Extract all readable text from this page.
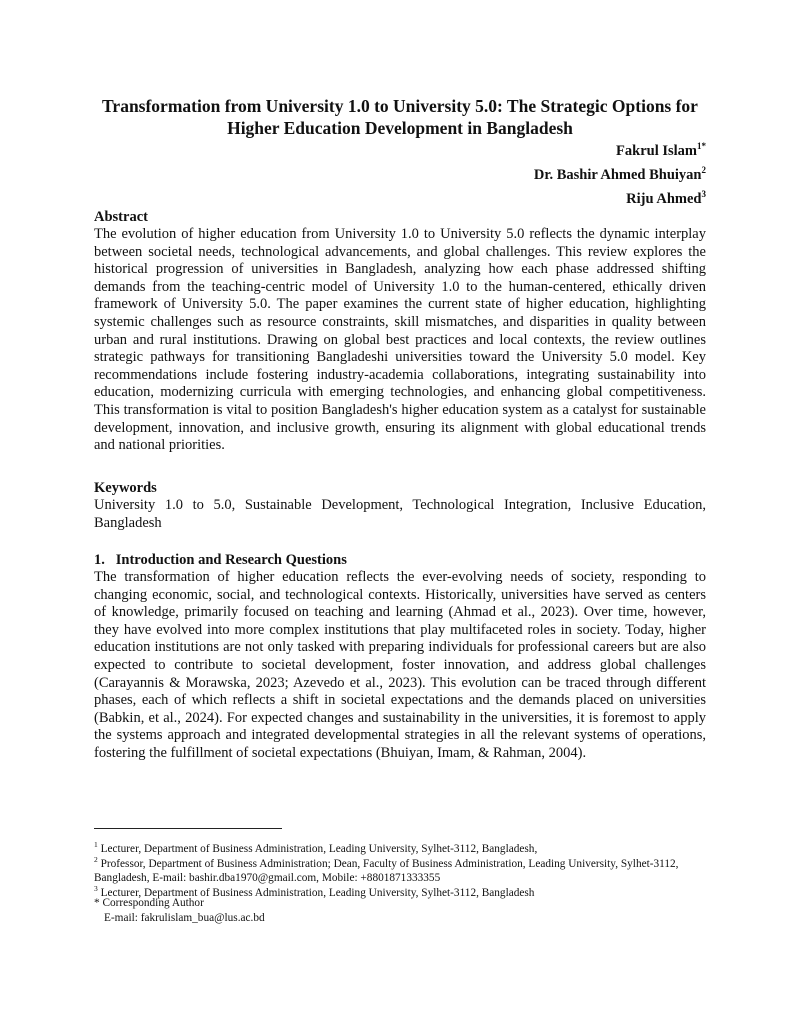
Transformation from University 1.0 to University 5.0: The Strategic Options for Higher Education Development in Bangladesh
Fakrul Islam$^{1*}$
Dr. Bashir Ahmed Bhuiyan$^2$
Riju Ahmed$^3$
Abstract

The evolution of higher education from University 1.0 to University 5.0 reflects the dynamic interplay between societal needs, technological advancements, and global challenges. This review explores the historical progression of universities in Bangladesh, analyzing how each phase addressed shifting demands from the teaching-centric model of University 1.0 to the human-centered, ethically driven framework of University 5.0. The paper examines the current state of higher education, highlighting systemic challenges such as resource constraints, skill mismatches, and disparities in quality between urban and rural institutions. Drawing on global best practices and local contexts, the review outlines strategic pathways for transitioning Bangladeshi universities toward the University 5.0 model. Key recommendations include fostering industry-academia collaborations, integrating sustainability into education, modernizing curricula with emerging technologies, and enhancing global competitiveness. This transformation is vital to position Bangladesh's higher education system as a catalyst for sustainable development, innovation, and inclusive growth, ensuring its alignment with global educational trends and national priorities.

Keywords

University 1.0 to 5.0, Sustainable Development, Technological Integration, Inclusive Education, Bangladesh

1.   Introduction and Research Questions

The transformation of higher education reflects the ever-evolving needs of society, responding to changing economic, social, and technological contexts. Historically, universities have served as centers of knowledge, primarily focused on teaching and learning (Ahmad et al., 2023). Over time, however, they have evolved into more complex institutions that play multifaceted roles in society. Today, higher education institutions are not only tasked with preparing individuals for professional careers but are also expected to contribute to societal development, foster innovation, and address global challenges (Carayannis & Morawska, 2023; Azevedo et al., 2023). This evolution can be traced through different phases, each of which reflects a shift in societal expectations and the demands placed on universities (Babkin, et al., 2024). For expected changes and sustainability in the universities, it is foremost to apply the systems approach and integrated developmental strategies in all the relevant systems of operations, fostering the fulfillment of societal expectations (Bhuiyan, Imam, & Rahman, 2004).

$^1$ Lecturer, Department of Business Administration, Leading University, Sylhet-3112, Bangladesh,

$^2$ Professor, Department of Business Administration; Dean, Faculty of Business Administration, Leading University, Sylhet-3112, Bangladesh, E-mail: bashir.dba1970@gmail.com, Mobile: +8801871333355

$^3$ Lecturer, Department of Business Administration, Leading University, Sylhet-3112, Bangladesh

* Corresponding Author

E-mail: fakrulislam_bua@lus.ac.bd
